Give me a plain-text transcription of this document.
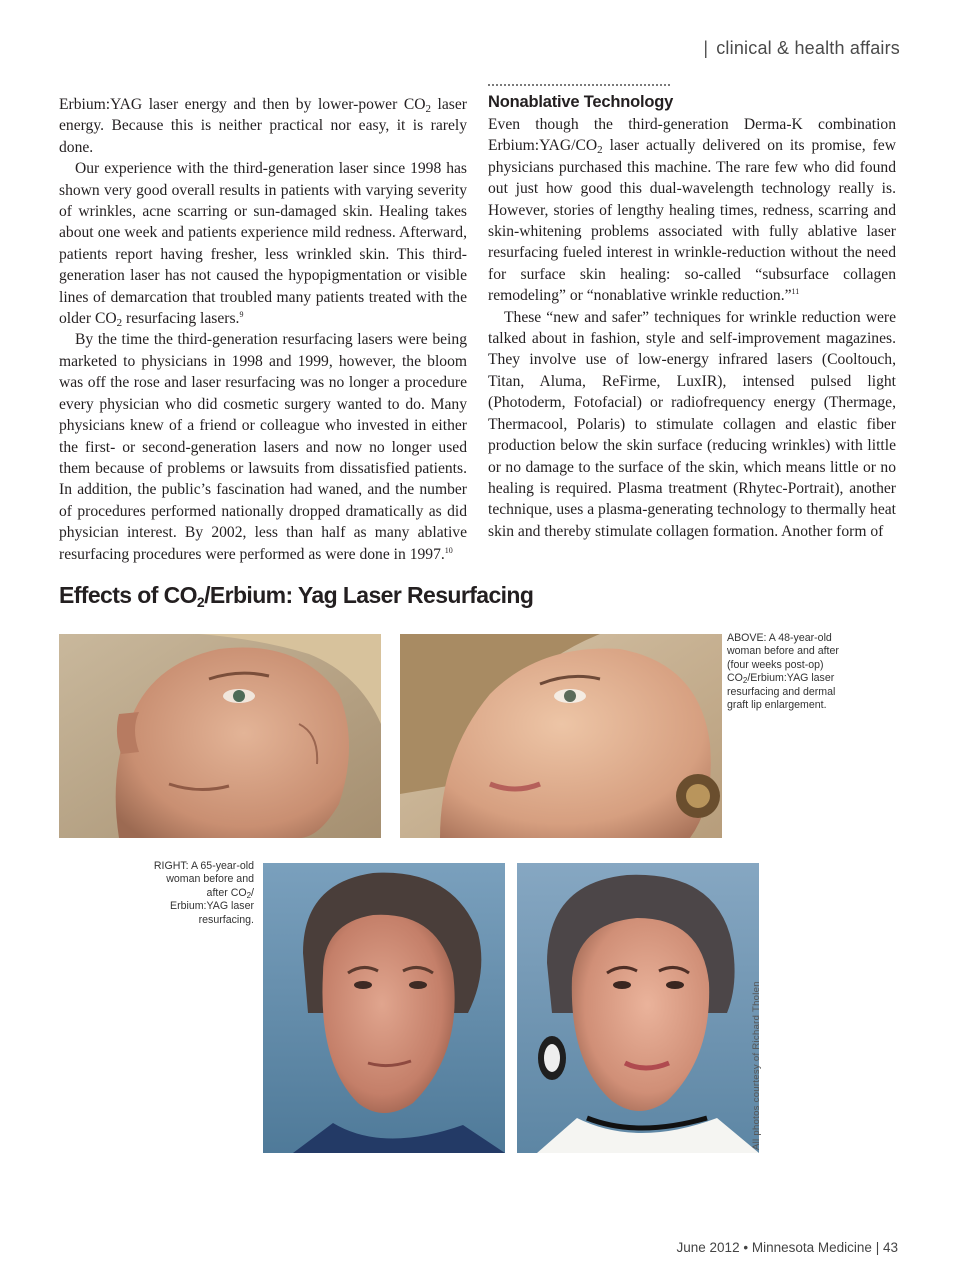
| clinical & health affairs

Erbium:YAG laser energy and then by lower-power $CO_2$ laser energy. Because this is neither practical nor easy, it is rarely done.

Our experience with the third-generation laser since 1998 has shown very good overall results in patients with varying severity of wrinkles, acne scarring or sun-damaged skin. Healing takes about one week and patients experience mild redness. Afterward, patients report having fresher, less wrinkled skin. This third-generation laser has not caused the hypopigmentation or visible lines of demarcation that troubled many patients treated with the older $CO_2$ resurfacing lasers.$^9$

By the time the third-generation resurfacing lasers were being marketed to physicians in 1998 and 1999, however, the bloom was off the rose and laser resurfacing was no longer a procedure every physician who did cosmetic surgery wanted to do. Many physicians knew of a friend or colleague who invested in either the first- or second-generation lasers and now no longer used them because of problems or lawsuits from dissatisfied patients. In addition, the public’s fascination had waned, and the number of procedures performed nationally dropped dramatically as did physician interest. By 2002, less than half as many ablative resurfacing procedures were performed as were done in 1997.10

Nonablative Technology

Even though the third-generation Derma-K combination $Erbium:YAG/CO_2$ laser actually delivered on its promise, few physicians purchased this machine. The rare few who did found out just how good this dual-wavelength technology really is. However, stories of lengthy healing times, redness, scarring and skin-whitening problems associated with fully ablative laser resurfacing fueled interest in wrinkle-reduction without the need for surface skin healing: so-called “subsurface collagen remodeling” or “nonablative wrinkle reduction.”$^{11}$

These “new and safer” techniques for wrinkle reduction were talked about in fashion, style and self-improvement magazines. They involve use of low-energy infrared lasers (Cooltouch, Titan, Aluma, ReFirme, LuxIR), intensed pulsed light (Photoderm, Fotofacial) or radiofrequency energy (Thermage, Thermacool, Polaris) to stimulate collagen and elastic fiber production below the skin surface (reducing wrinkles) with little or no damage to the surface of the skin, which means little or no healing is required. Plasma treatment (Rhytec-Portrait), another technique, uses a plasma-generating technology to thermally heat skin and thereby stimulate collagen formation. Another form of

Effects of $CO_2$/Erbium: Yag Laser Resurfacing
ABOVE: A 48-year-old woman before and after (four weeks post-op) $CO_2/Erbium:YAG$ laser resurfacing and dermal graft lip enlargement.
RIGHT: A 65-year-old woman before and after $CO_2/$ Erbium:YAG laser resurfacing.
All photos courtesy of Richard Tholen
June 2012 • Minnesota Medicine | 43
